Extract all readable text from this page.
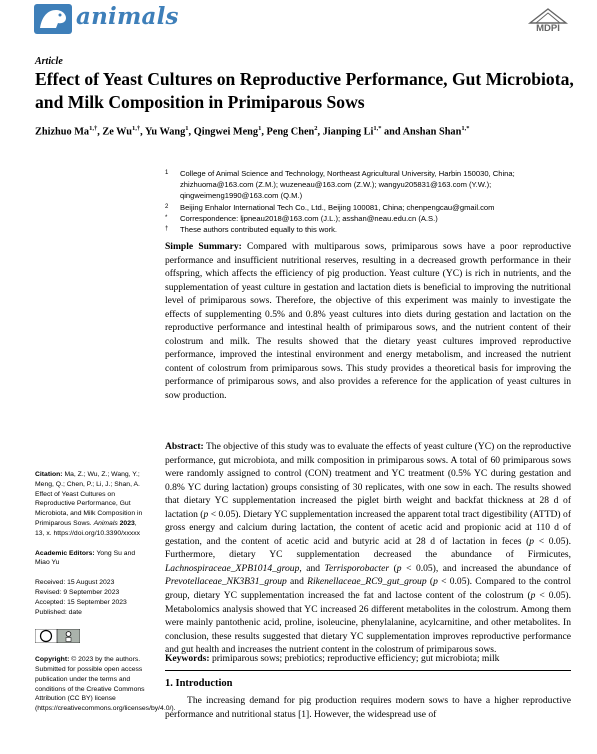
animals	MDPI
Article
Effect of Yeast Cultures on Reproductive Performance, Gut Microbiota, and Milk Composition in Primiparous Sows
Zhizhuo $Ma^{1,\dagger}$, Ze $Wu^{1,\dagger}$, Yu Wang$^1$, Qingwei Meng$^1$, Peng Chen$^2$, Jianping $Li^{1,*}$ and Anshan Shan$^{1,*}$
1 College of Animal Science and Technology, Northeast Agricultural University, Harbin 150030, China;
zhizhuoma@163.com (Z.M.); wuzeneau@163.com (Z.W.); wangyu205831@163.com (Y.W.);
qingweimeng1990@163.com (Q.M.)
2 Beijing Enhalor International Tech Co., Ltd., Beijing 100081, China; chenpengcau@gmail.com
* Correspondence: ljpneau2018@163.com (J.L.); asshan@neau.edu.cn (A.S.)
† These authors contributed equally to this work.
Simple Summary: Compared with multiparous sows, primiparous sows have a poor reproductive performance and insufficient nutritional reserves, resulting in a decreased growth performance in their offspring, which affects the efficiency of pig production. Yeast culture (YC) is rich in nutrients, and the supplementation of yeast culture in gestation and lactation diets is beneficial to improving the nutritional level of primiparous sows. Therefore, the objective of this experiment was mainly to investigate the effects of supplementing 0.5% and 0.8% yeast cultures into diets during gestation and lactation on the reproductive performance and intestinal health of primiparous sows, and the nutrient content of their colostrum and milk. The results showed that the dietary yeast cultures improved reproductive performance, improved the intestinal environment and energy metabolism, and increased the nutrient content of colostrum from primiparous sows. This study provides a theoretical basis for improving the performance of primiparous sows, and also provides a reference for the application of yeast cultures in sow production.
Abstract: The objective of this study was to evaluate the effects of yeast culture (YC) on the reproductive performance, gut microbiota, and milk composition in primiparous sows. A total of 60 primiparous sows were randomly assigned to control (CON) treatment and YC treatment (0.5% YC during gestation and 0.8% YC during lactation) groups consisting of 30 replicates, with one sow in each. The results showed that dietary YC supplementation increased the piglet birth weight and backfat thickness at 28 d of lactation (p < 0.05). Dietary YC supplementation increased the apparent total tract digestibility (ATTD) of gross energy and calcium during lactation, the content of acetic acid and propionic acid at 110 d of gestation, and the content of acetic acid and butyric acid at 28 d of lactation in feces (p < 0.05). Furthermore, dietary YC supplementation decreased the abundance of Firmicutes, Lachnospiraceae_XPB1014_group, and Terrisporobacter (p < 0.05), and increased the abundance of Prevotellaceae_NK3B31_group and Rikenellaceae_RC9_gut_group (p < 0.05). Compared to the control group, dietary YC supplementation increased the fat and lactose content of the colostrum (p < 0.05). Metabolomics analysis showed that YC increased 26 different metabolites in the colostrum. Among them were mainly pantothenic acid, proline, isoleucine, phenylalanine, acylcarnitine, and other metabolites. In conclusion, these results suggested that dietary YC supplementation improves reproductive performance and gut health and increases the nutrient content in the colostrum of primiparous sows.
Citation: Ma, Z.; Wu, Z.; Wang, Y.; Meng, Q.; Chen, P.; Li, J.; Shan, A. Effect of Yeast Cultures on Reproductive Performance, Gut Microbiota, and Milk Composition in Primiparous Sows. Animals 2023, 13, x. https://doi.org/10.3390/xxxxx
Academic Editors: Yong Su and Miao Yu
Received: 15 August 2023
Revised: 9 September 2023
Accepted: 15 September 2023
Published: date
Copyright: © 2023 by the authors. Submitted for possible open access publication under the terms and conditions of the Creative Commons Attribution (CC BY) license (https://creativecommons.org/licenses/by/4.0/).
Keywords: primiparous sows; prebiotics; reproductive efficiency; gut microbiota; milk
1. Introduction
The increasing demand for pig production requires modern sows to have a higher reproductive performance and nutritional status [1]. However, the widespread use of
